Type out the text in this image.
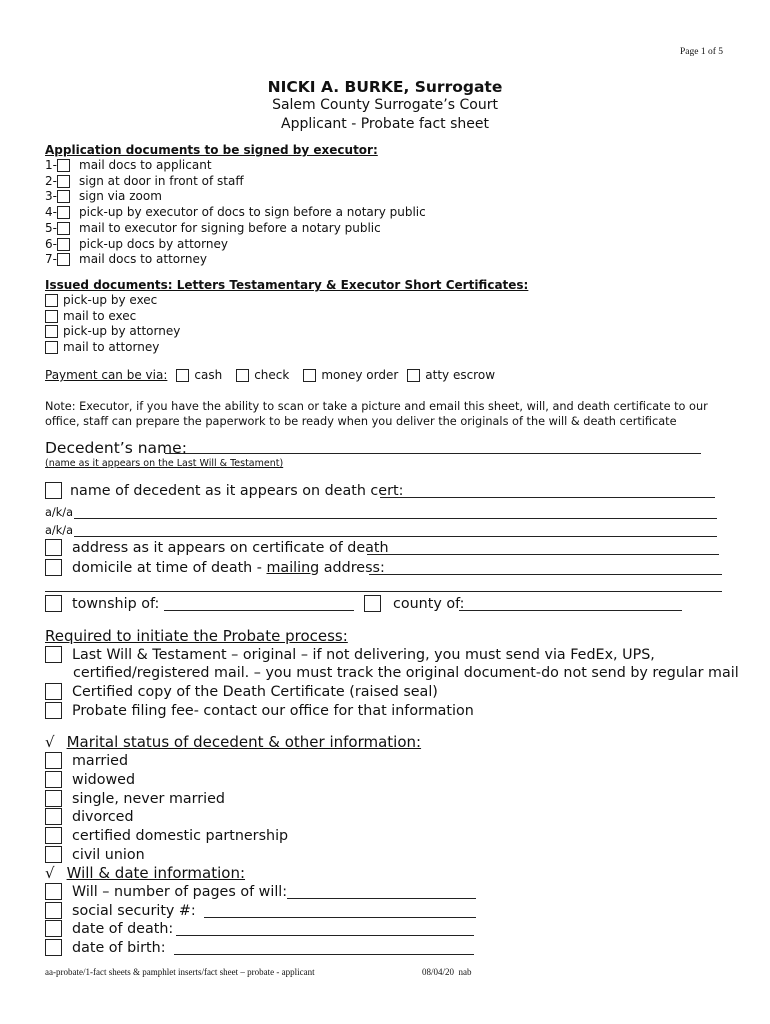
Page 1 of 5
NICKI A. BURKE, Surrogate
Salem County Surrogate’s Court
Applicant - Probate fact sheet
Application documents to be signed by executor:
1- mail docs to applicant
2- sign at door in front of staff
3- sign via zoom
4- pick-up by executor of docs to sign before a notary public
5- mail to executor for signing before a notary public
6- pick-up docs by attorney
7- mail docs to attorney
Issued documents: Letters Testamentary & Executor Short Certificates:
pick-up by exec
mail to exec
pick-up by attorney
mail to attorney
Payment can be via: cash	check	money order atty escrow
Note: Executor, if you have the ability to scan or take a picture and email this sheet, will, and death certificate to our
office, staff can prepare the paperwork to be ready when you deliver the originals of the will & death certificate
Decedent’s name:
(name as it appears on the Last Will & Testament)
name of decedent as it appears on death cert:
a/k/a
a/k/a
address as it appears on certificate of death
domicile at time of death - mailing address:
township of:	county of:
Required to initiate the Probate process:
Last Will & Testament – original – if not delivering, you must send via FedEx, UPS,
certified/registered mail. – you must track the original document-do not send by regular mail
Certified copy of the Death Certificate (raised seal)
Probate filing fee- contact our office for that information
√ Marital status of decedent & other information:
married
widowed
single, never married
divorced
certified domestic partnership
civil union
√ Will & date information:
Will – number of pages of will:
social security #:
date of death:
date of birth:
aa-probate/1-fact sheets & pamphlet inserts/fact sheet – probate - applicant	08/04/20  nab
